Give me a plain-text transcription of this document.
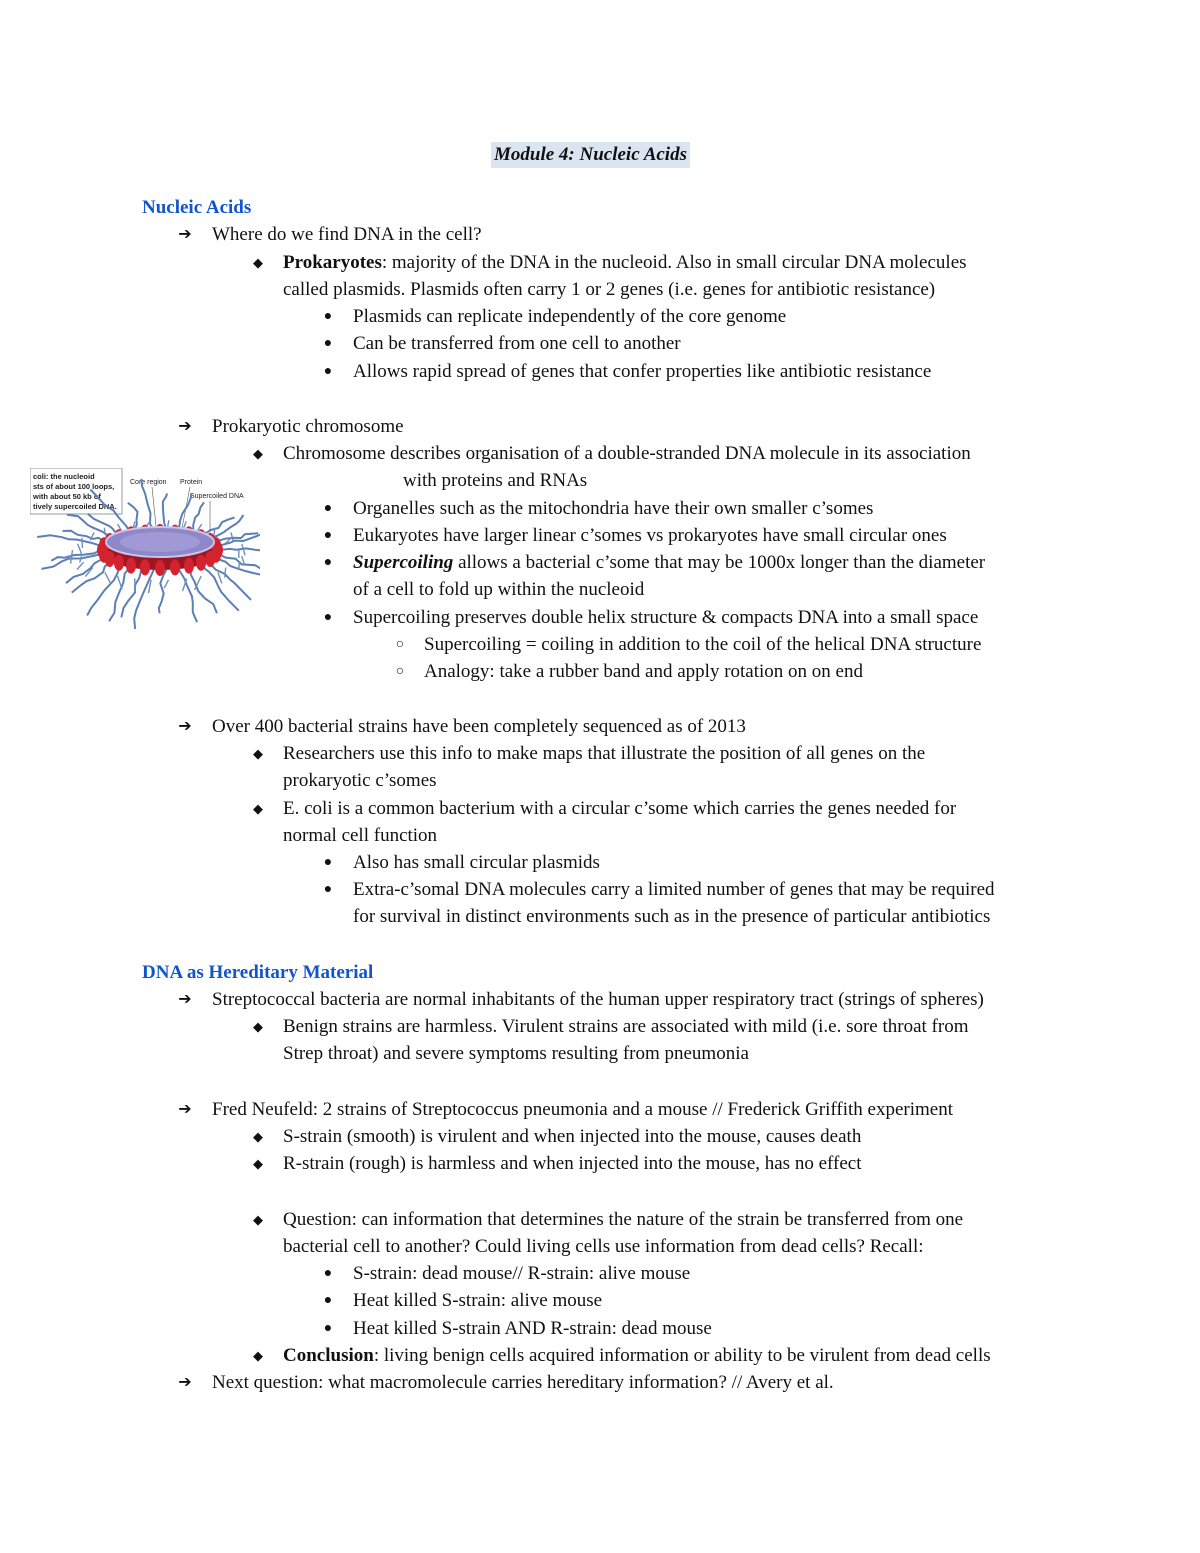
Module 4: Nucleic Acids
Nucleic Acids
➔ Where do we find DNA in the cell?
◆ Prokaryotes: majority of the DNA in the nucleoid. Also in small circular DNA molecules
called plasmids. Plasmids often carry 1 or 2 genes (i.e. genes for antibiotic resistance)
●	Plasmids can replicate independently of the core genome
●	Can be transferred from one cell to another
●	Allows rapid spread of genes that confer properties like antibiotic resistance
➔ Prokaryotic chromosome
◆ Chromosome describes organisation of a double-stranded DNA molecule in its association
with proteins and RNAs
●	Organelles such as the mitochondria have their own smaller c’somes
●	Eukaryotes have larger linear c’somes vs prokaryotes have small circular ones
●	Supercoiling allows a bacterial c’some that may be 1000x longer than the diameter
of a cell to fold up within the nucleoid
●	Supercoiling preserves double helix structure & compacts DNA into a small space
○	Supercoiling = coiling in addition to the coil of the helical DNA structure
○	Analogy: take a rubber band and apply rotation on on end
➔ Over 400 bacterial strains have been completely sequenced as of 2013
◆ Researchers use this info to make maps that illustrate the position of all genes on the
prokaryotic c’somes
◆ E. coli is a common bacterium with a circular c’some which carries the genes needed for
normal cell function
●	Also has small circular plasmids
●	Extra-c’somal DNA molecules carry a limited number of genes that may be required
for survival in distinct environments such as in the presence of particular antibiotics
DNA as Hereditary Material
➔ Streptococcal bacteria are normal inhabitants of the human upper respiratory tract (strings of spheres)
◆ Benign strains are harmless. Virulent strains are associated with mild (i.e. sore throat from
Strep throat) and severe symptoms resulting from pneumonia
➔ Fred Neufeld: 2 strains of Streptococcus pneumonia and a mouse // Frederick Griffith experiment
◆ S-strain (smooth) is virulent and when injected into the mouse, causes death
◆ R-strain (rough) is harmless and when injected into the mouse, has no effect
◆ Question: can information that determines the nature of the strain be transferred from one
bacterial cell to another? Could living cells use information from dead cells? Recall:
●	S-strain: dead mouse// R-strain: alive mouse
●	Heat killed S-strain: alive mouse
●	Heat killed S-strain AND R-strain: dead mouse
◆ Conclusion: living benign cells acquired information or ability to be virulent from dead cells
➔ Next question: what macromolecule carries hereditary information? // Avery et al.
coli: the nucleoid
sts of about 100 loops,
with about 50 kb of
tively supercoiled DNA.
Core region Protein
Supercoiled DNA
